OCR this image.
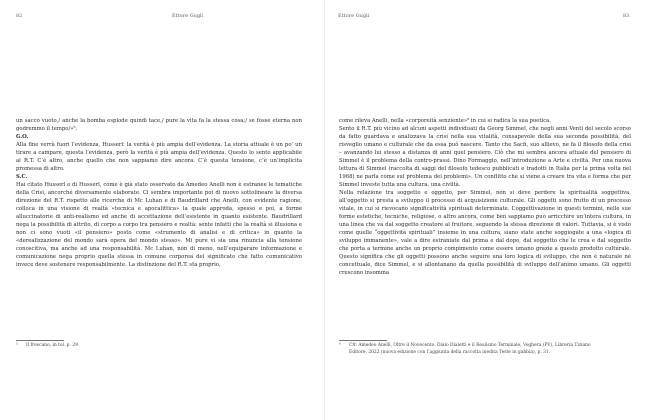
82	Ettore Gugli

un sacco vuoto,/ anche la bomba esplode quindi tace,/ pure la vita fa la stessa cosa;/ se fosse eterna non godremmo il tempo/»⁵.

G.O.

Alla fine verrà fuori l’evidenza, Husserl: la verità è più ampia dell’evidenza. La storia attuale è un po’ un tirare a campare, questa l’evidenza, però la verità è più ampia dell’evidenza. Questo lo sento applicabile al R.T. C’è altro, anche quello che non sappiamo dire ancora. C’è questa tensione, c’è un’implicita promessa di altro.

S.C.

Hai citato Husserl e di Husserl, come è già stato osservato da Amedeo Anelli non è estranee le tematiche della Crisi, ancorché diversamente elaborate. Ci sembra importante poi di nuovo sottolineare la diversa direzione del R.T. rispetto alle ricerche di Mc Luhan e di Baudrillard che Anelli, con evidente ragione, colloca in una visione di realtà «tecnica e apocalittica» la quale approda, spesso e poi, a forme alluccinatorie di anti-realismo ed anche di accettazione dell’esistente in quanto esistente. Baudrillard nega la possibilità di attrito, di corpo a corpo tra pensiero e realtà: sente infatti che la realtà si illusiona e non ci sono vuoti «il pensiero» posto come «strumento di analisi e di critica» in quanto la «derealizzazione del mondo sarà opera del mondo stesso». Mi pure vi sia una rinuncia alla tensione conoscitiva, ma anche ad una responsabilità. Mc Luhan, non di meno, nell’equiparare informazione e comunicazione nega proprio quella stessa in comune corporea del significato che fatto comunicativo invece deve sostenere responsabilmente. La distinzione del R.T. sta proprio,

⁵ Il frescano, in tol. p. 29.
Ettore Gugli	83

come rileva Anelli, nella «corporeità senziente»⁶ in cui si radica la sua poetica.

Sento il R.T. più vicino ad alcuni aspetti individuati da Georg Simmel, che negli anni Venti del secolo scorso da fatto guardava e analizzava la crisi nella sua vitalità, consapevole della sua seconda possibilità, del risveglio umano e culturale che da essa può nascere. Tanto che Sacfi, suo allievo, ne fa il filosofo della crisi – avanzando lui stesso a distanza di anni quel pensiero. Ciò che mi sembra ancora attuale del pensiero di Simmel è il problema della contro-prassi. Dino Formaggio, nell’introduzione a Arte e civiltà. Per una nuova lettura di Simmel (raccolta di saggi del filosofo tedesco pubblicati e tradotti in Italia per la prima volta nel 1968) ne parla come sul problema dei problemi». Un conflitto che si viene a creare tra vita e forma che per Simmel investe tutta una cultura, una civiltà.

Nella relazione tra soggetto e oggetto, per Simmel, non si deve perdere la spiritualità soggettiva, all’oggetto si presta a sviluppo il processo di acquisizione culturale. Gli oggetti sono frutto di un processo vitale, in cui si rievocano significatività spirituali determinate. L’oggettivazione in questi termini, nelle sue forme estetiche, tecniche, religiose, o altro ancora, come ben sappiamo può arricchire un’intera cultura, in una linea che va dal soggetto creatore al fruitore, seguendo la stessa direzione di valori. Tuttavia, si è visto come quelle “oggettività spirituali” insieme in una cultura, siano state anche soggiogate a una «logica di sviluppo immanente», vale a dire estraniate dal prima e dal dopo, dal soggetto che le crea e dal soggetto che porta a termine anche un proprio compimento come essere umano grazie a questo prodotto culturale. Questo significa che gli oggetti possono anche seguire una loro logica di sviluppo, che non è naturale né concettuale, dice Simmel, e si allontanano da quella possibilità di sviluppo dell’animo umano. Gli oggetti crescono insomma

⁶ Cfr. Amedeo Anelli, Oltre il Novecento. Dialo Dialetti e il Realismo Terminale, Voghera (PV), Libreria Tiziano Editore, 2022 (nuova edizione con l’aggiunta della raccolta inedita Teste in gabbia), p. 31.
